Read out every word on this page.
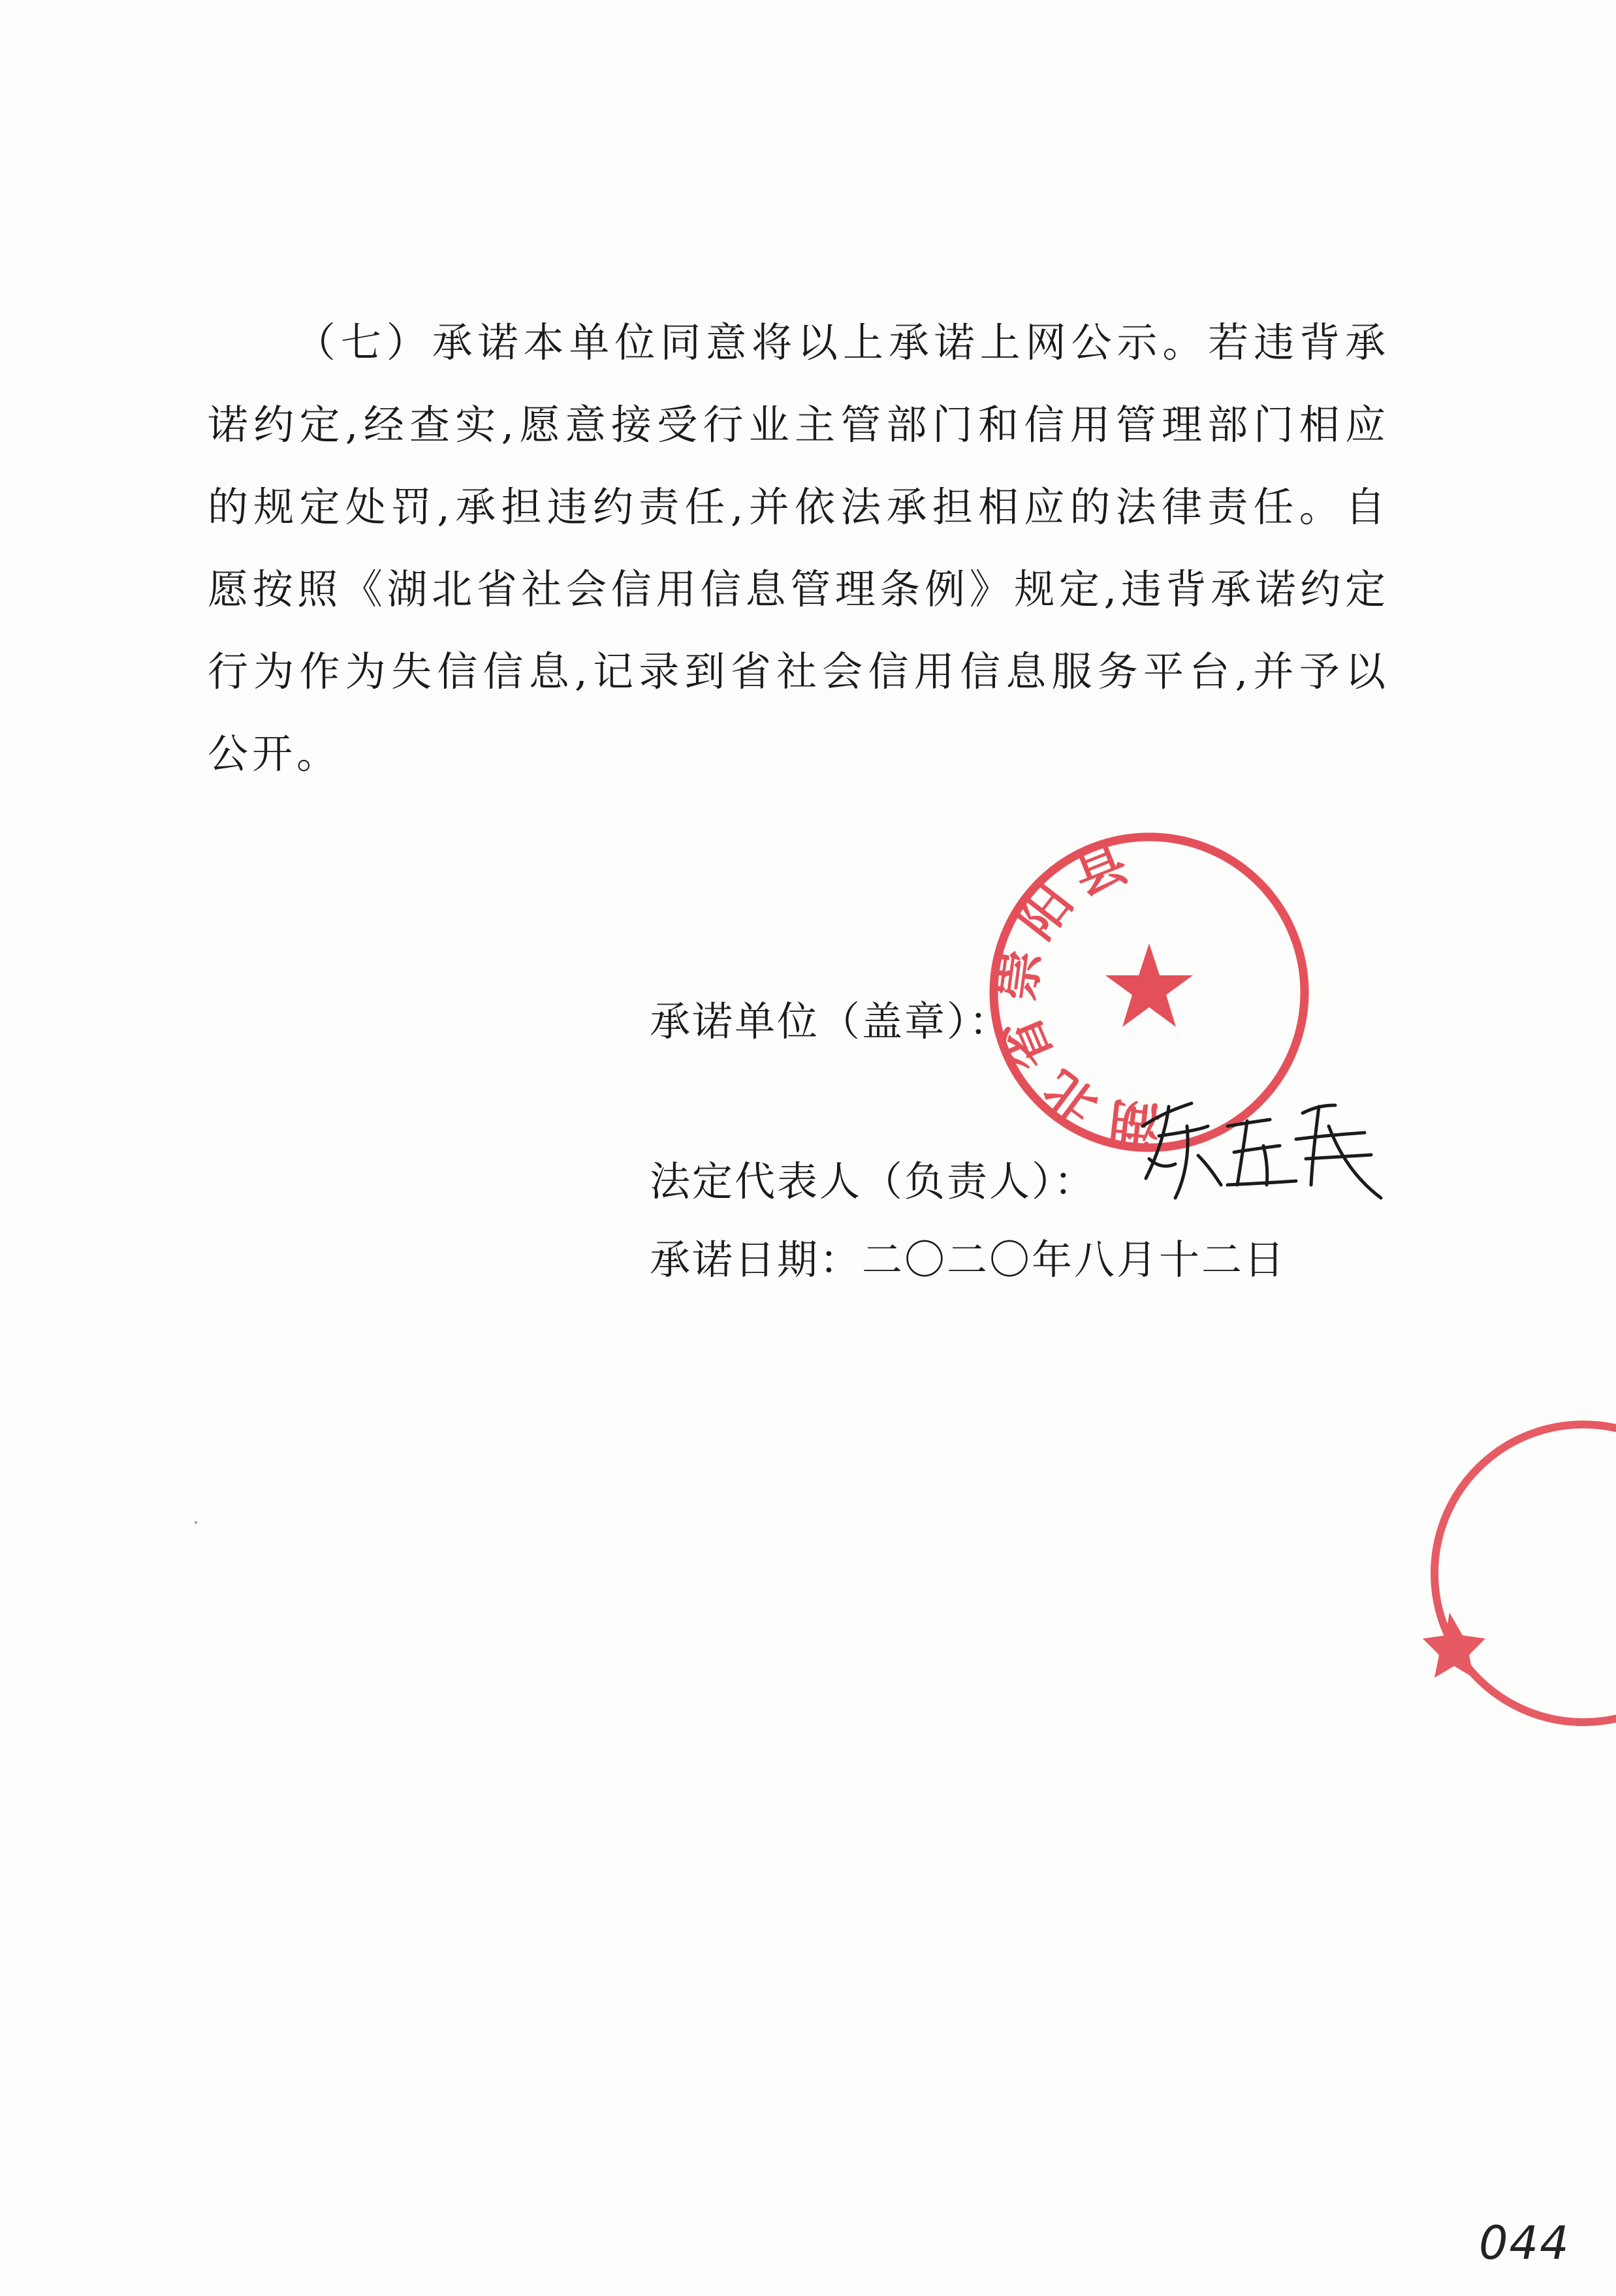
（七）承诺本单位同意将以上承诺上网公示。若违背承诺约定,经查实,愿意接受行业主管部门和信用管理部门相应的规定处罚,承担违约责任,并依法承担相应的法律责任。自愿按照《湖北省社会信用信息管理条例》规定,违背承诺约定行为作为失信信息,记录到省社会信用信息服务平台,并予以公开。

承诺单位（盖章）：
法定代表人（负责人）：
承诺日期：二〇二〇年八月十二日
湖北省崇阳县公证处
044
